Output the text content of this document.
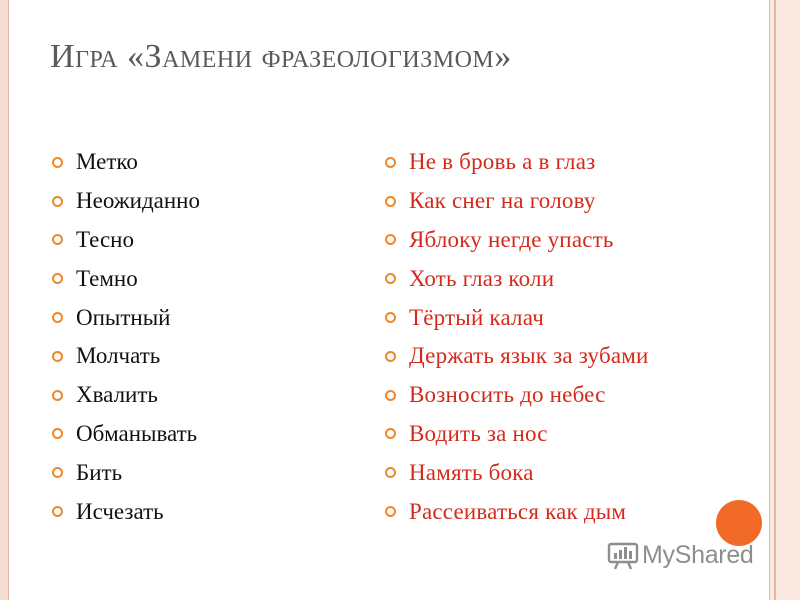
Игра «Замени фразеологизмом»
Метко
Неожиданно
Тесно
Темно
Опытный
Молчать
Хвалить
Обманывать
Бить
Исчезать
Не в бровь а в глаз
Как снег на голову
Яблоку негде упасть
Хоть глаз коли
Тёртый калач
Держать язык за зубами
Возносить до небес
Водить за нос
Намять бока
Рассеиваться как дым
MyShared
